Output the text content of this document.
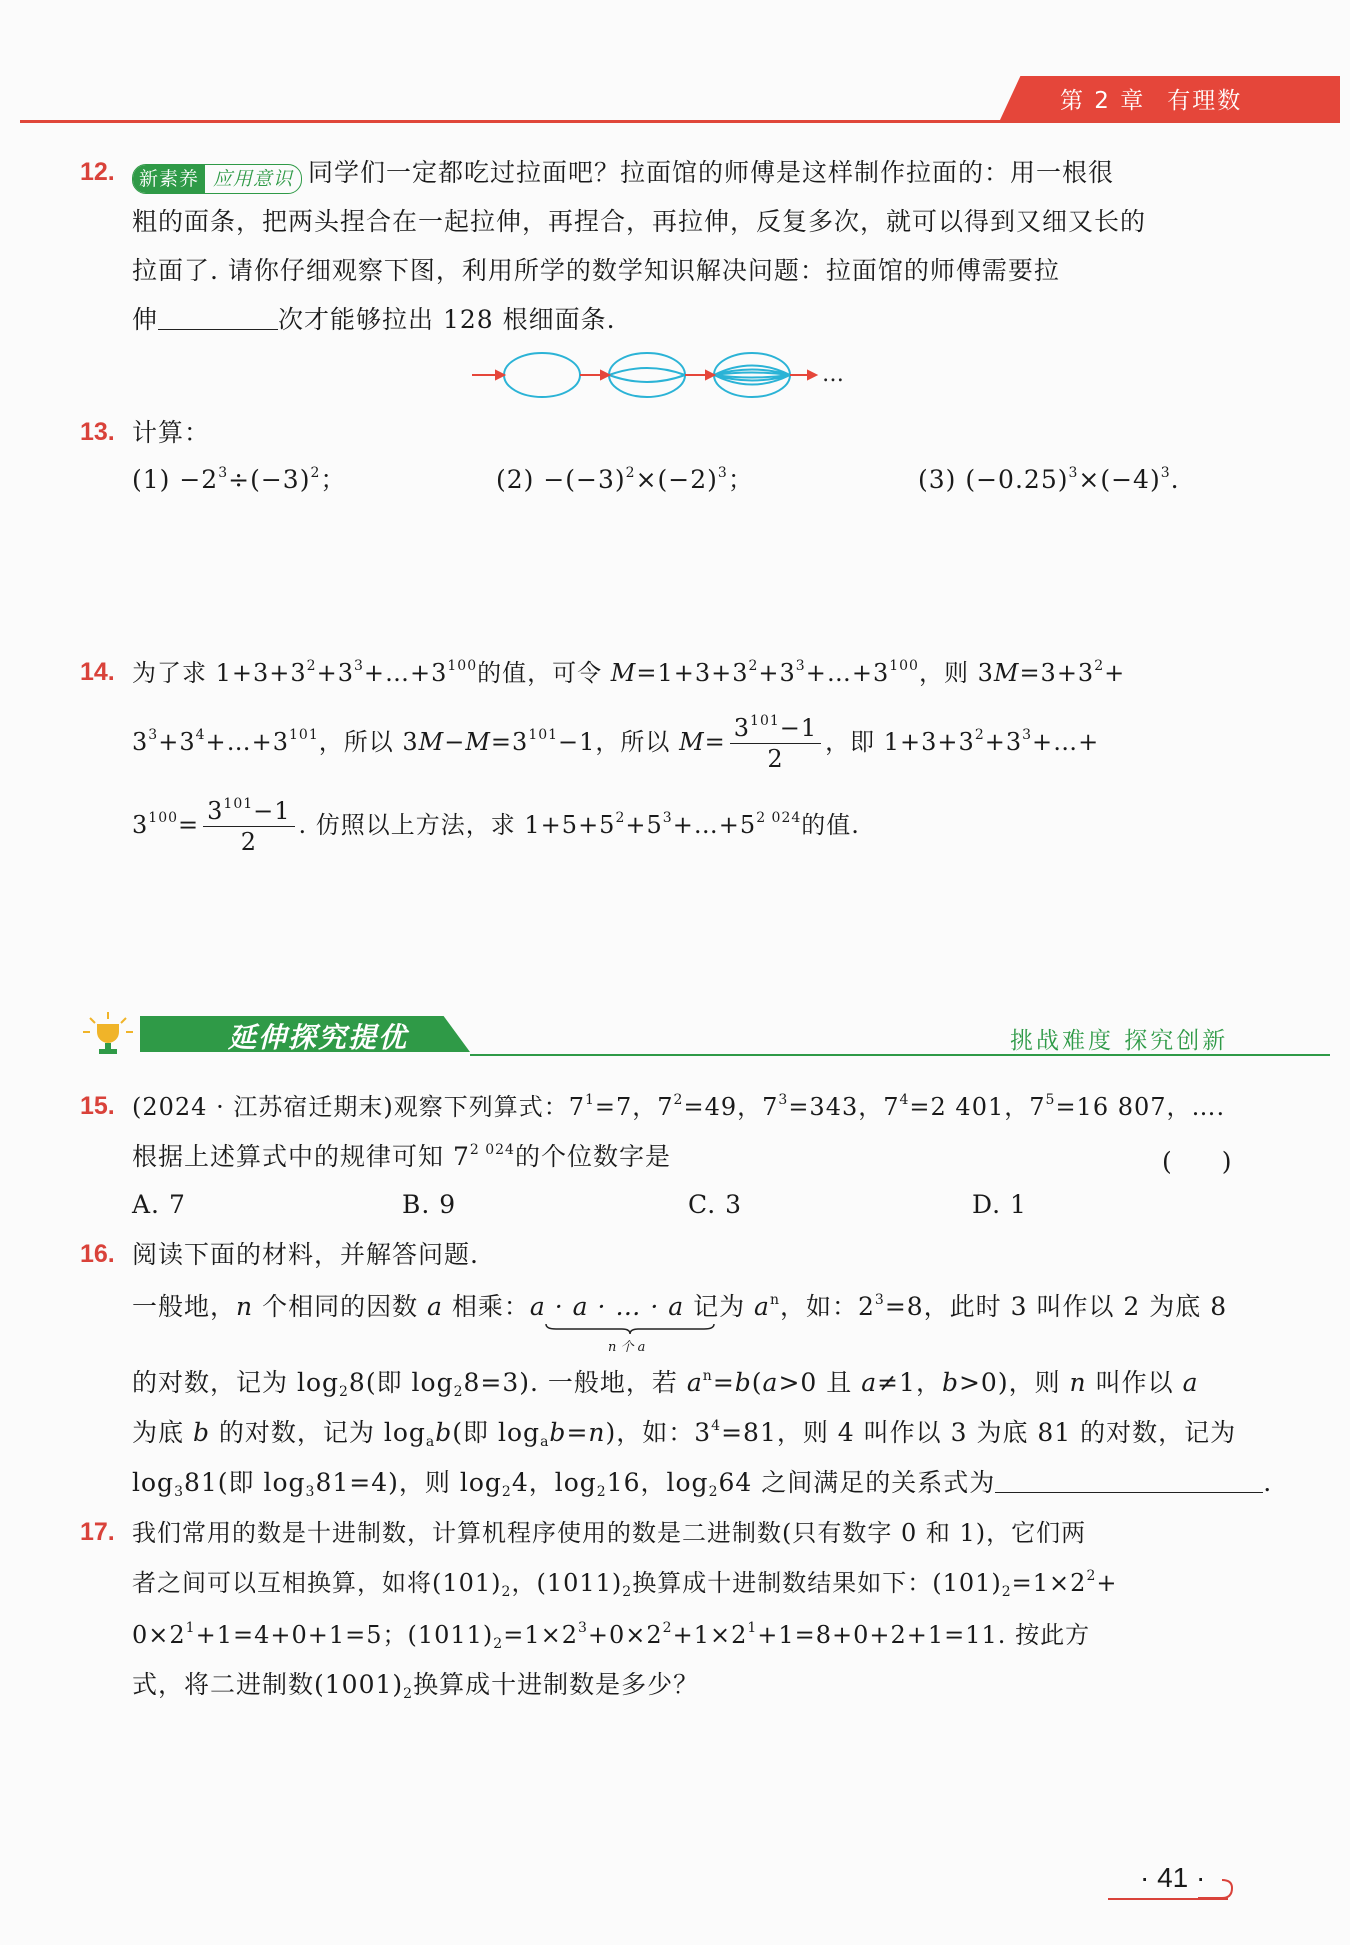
第 2 章 有理数
12.	新素养 应用意识 同学们一定都吃过拉面吧？拉面馆的师傅是这样制作拉面的：用一根很
粗的面条，把两头捏合在一起拉伸，再捏合，再拉伸，反复多次，就可以得到又细又长的
拉面了. 请你仔细观察下图，利用所学的数学知识解决问题：拉面馆的师傅需要拉
伸	次才能够拉出 128 根细面条.
…
13. 计算：
$(1) -2^3\div(-3)^2$；	$(2) -(-3)^2\times(-2)^3$；	(3) $(-0.25)^3\times(-4)^3$.
14. 为了求 $1+3+3^2+3^3+\dots+3^{100}$的值，可令 $M=1+3+3^2+3^3+\dots+3^{100}$，则 $3M=3+3^2+$
$3^3+3^4+\dots+3^{101}$，所以 $3M-M=3^{101}-1$，所以 $M= \frac{3^{101}-1}{2}$ ，即 $1+3+3^2+3^3+\dots+$
$3^{100}= \frac{3^{101}-1}{2}$ . 仿照以上方法，求 $1+5+5^2+5^3+\dots+5^{2 024}$的值.
延伸探究提优	挑战难度 探究创新
15. (2024 · 江苏宿迁期末)观察下列算式：$7^1=7$，$7^2=49$，$7^3=343$，$7^4=2$ 401，$7^5=16$ 807，….
根据上述算式中的规律可知 $7^{2 024}$的个位数字是	(　　)
A. 7	B. 9	C. 3	D. 1
16. 阅读下面的材料，并解答问题.
一般地，n 个相同的因数 a 相乘：a · a · … · a 记为 $a^n$，如：$2^3=8$，此时 3 叫作以 2 为底 8
n 个 a
的对数，记为 $\log_28$(即 $\log_28=3$). 一般地，若 $a^n=b(a>0$ 且 a≠1，b>0)，则 n 叫作以 a
为底 b 的对数，记为 $\log_ab$(即 $\log_ab=n$)，如：$3^4=81$，则 4 叫作以 3 为底 81 的对数，记为
$\log_381$(即 $\log_381=4$)，则 $\log_24$，$\log_216$，$\log_264$ 之间满足的关系式为	.
17. 我们常用的数是十进制数，计算机程序使用的数是二进制数(只有数字 0 和 1)，它们两
者之间可以互相换算，如将$(101)_2$，$(1011)_2$换算成十进制数结果如下：$(101)_2=1\times 2^2+$
$0\times 2^1+1=4+0+1=5$；$(1011)_2=1\times 2^3+0\times 2^2+1\times 2^1+1=8+0+2+1=11$. 按此方
式，将二进制数$(1001)_2$换算成十进制数是多少？
· 41 ·
